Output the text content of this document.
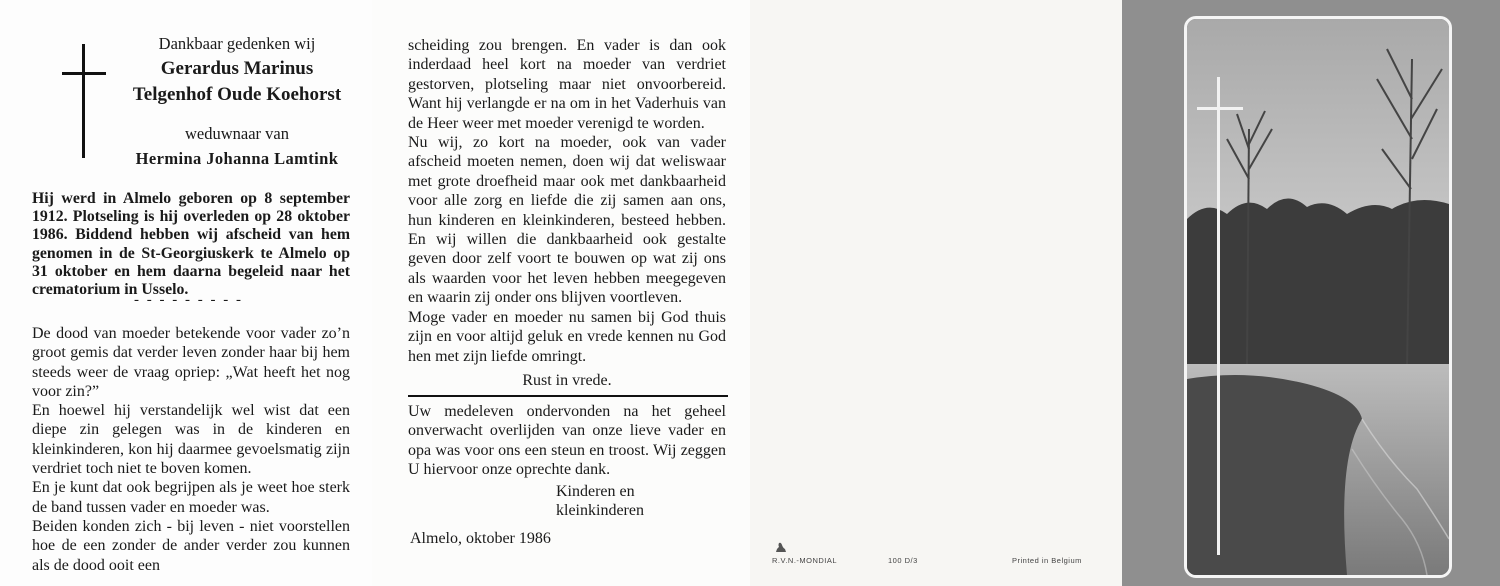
Dankbaar gedenken wij
Gerardus Marinus
Telgenhof Oude Koehorst
weduwnaar van
Hermina Johanna Lamtink
Hij werd in Almelo geboren op 8 september 1912. Plotseling is hij overleden op 28 oktober 1986. Biddend hebben wij afscheid van hem genomen in de St-Georgiuskerk te Almelo op 31 oktober en hem daarna begeleid naar het crematorium in Usselo.
- - - - - - - - -

De dood van moeder betekende voor vader zo’n groot gemis dat verder leven zonder haar bij hem steeds weer de vraag opriep: „Wat heeft het nog voor zin?”

En hoewel hij verstandelijk wel wist dat een diepe zin gelegen was in de kinderen en kleinkinderen, kon hij daarmee gevoelsmatig zijn verdriet toch niet te boven komen.

En je kunt dat ook begrijpen als je weet hoe sterk de band tussen vader en moeder was.

Beiden konden zich - bij leven - niet voorstellen hoe de een zonder de ander verder zou kunnen als de dood ooit een

scheiding zou brengen. En vader is dan ook inderdaad heel kort na moeder van verdriet gestorven, plotseling maar niet onvoorbereid. Want hij verlangde er na om in het Vaderhuis van de Heer weer met moeder verenigd te worden.

Nu wij, zo kort na moeder, ook van vader afscheid moeten nemen, doen wij dat weliswaar met grote droefheid maar ook met dankbaarheid voor alle zorg en liefde die zij samen aan ons, hun kinderen en kleinkinderen, besteed hebben. En wij willen die dankbaarheid ook gestalte geven door zelf voort te bouwen op wat zij ons als waarden voor het leven hebben meegegeven en waarin zij onder ons blijven voortleven.

Moge vader en moeder nu samen bij God thuis zijn en voor altijd geluk en vrede kennen nu God hen met zijn liefde omringt.

Rust in vrede.
Uw medeleven ondervonden na het geheel onverwacht overlijden van onze lieve vader en opa was voor ons een steun en troost. Wij zeggen U hiervoor onze oprechte dank.
Kinderen en
kleinkinderen
Almelo, oktober 1986
R.V.N.-MONDIAL	100 D/3	Printed in Belgium
